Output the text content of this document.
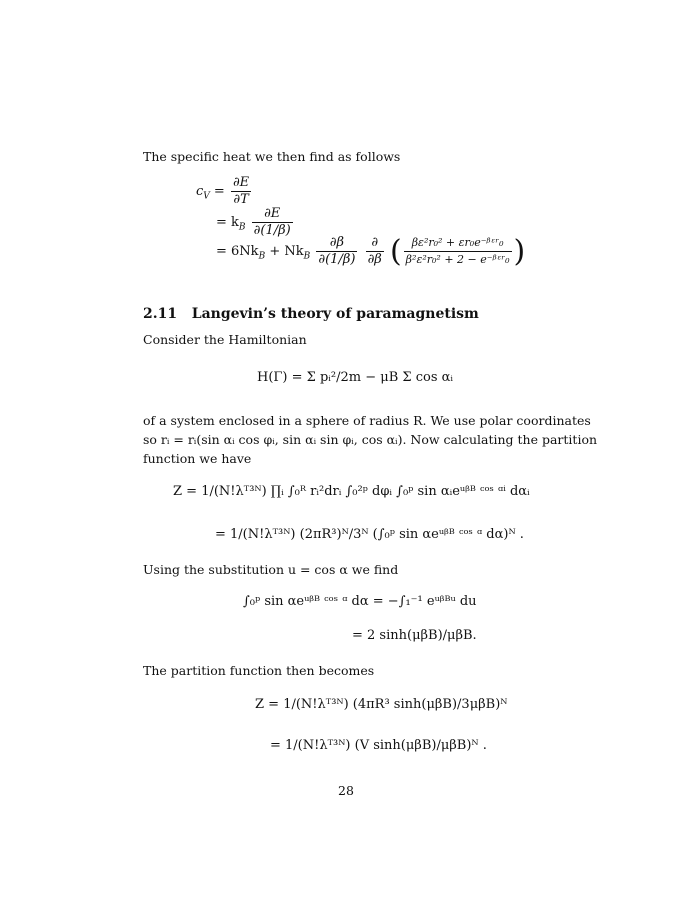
The specific heat we then find as follows
$c_V = \frac{\partial E}{\partial T}$
= $k_B \frac{\partial E}{\partial(1/\beta)}$
= $6Nk_B + Nk_B \frac{\partial\beta}{\partial(1/\beta)}$
$\frac{\partial}{\partial\beta}$ ( $\frac{\text{βε²r₀² + εr₀e⁻ᵝᵋʳ₀}}{\text{β²ε²r₀² + 2 − e⁻ᵝᵋʳ₀}}$ )
2.11 Langevin’s theory of paramagnetism
Consider the Hamiltonian
H(Γ) = Σ pᵢ²/2m − μB Σ cos αᵢ
of a system enclosed in a sphere of radius R. We use polar coordinates
so rᵢ = rᵢ(sin αᵢ cos φᵢ, sin αᵢ sin φᵢ, cos αᵢ). Now calculating the partition
function we have
Z = 1/(N!λᵀ³ᴺ) ∏ᵢ ∫₀ᴿ rᵢ²drᵢ ∫₀²ᵖ dφᵢ ∫₀ᵖ sin αᵢeᵘᵝᴮ ᶜᵒˢ ᵅⁱ dαᵢ
= 1/(N!λᵀ³ᴺ) (2πR³)ᴺ/3ᴺ (∫₀ᵖ sin αeᵘᵝᴮ ᶜᵒˢ ᵅ dα)ᴺ .
Using the substitution u = cos α we find
∫₀ᵖ sin αeᵘᵝᴮ ᶜᵒˢ ᵅ dα = −∫₁⁻¹ eᵘᵝᴮᵘ du
= 2 sinh(μβB)/μβB.
The partition function then becomes
Z = 1/(N!λᵀ³ᴺ) (4πR³ sinh(μβB)/3μβB)ᴺ
= 1/(N!λᵀ³ᴺ) (V sinh(μβB)/μβB)ᴺ .
28
